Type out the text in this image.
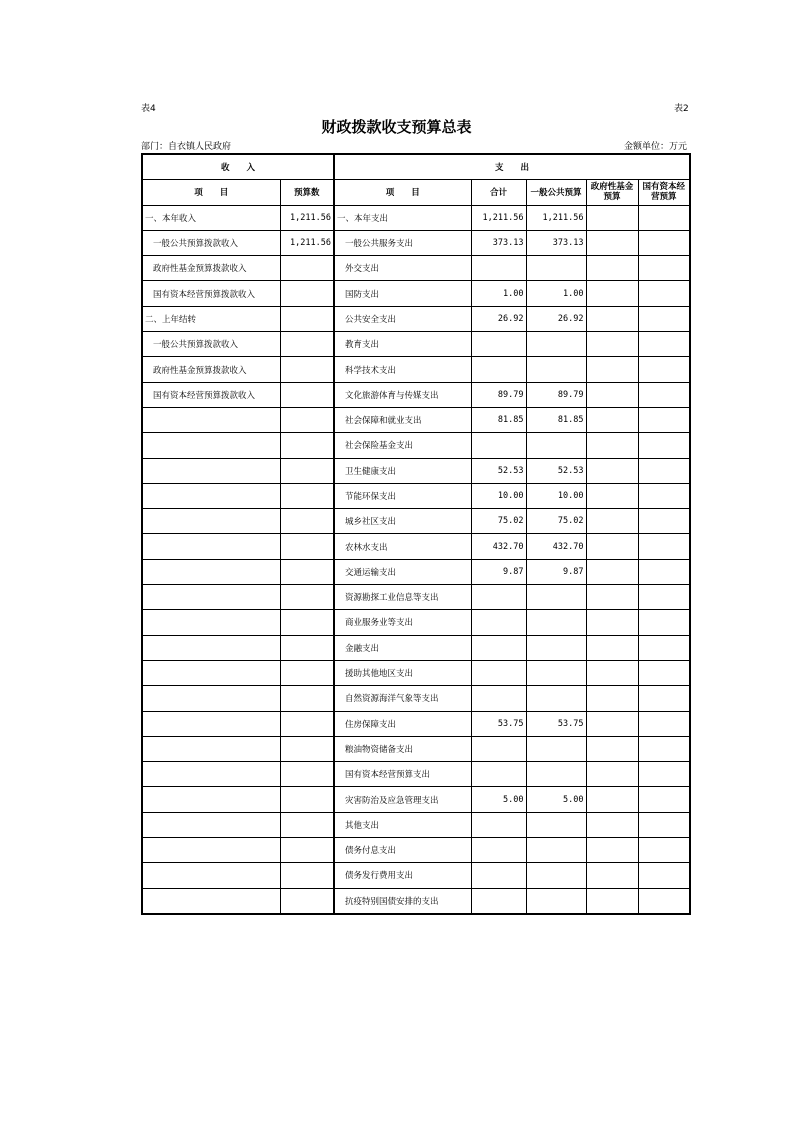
表4	表2
财政拨款收支预算总表
部门：自衣镇人民政府	金额单位：万元
收　　入		支　　出				
项　　目	预算数	项　　目	合计	一般公共预算	政府性基金预算	国有资本经营预算
一、本年收入	1,211.56	一、本年支出	1,211.56	1,211.56		
一般公共预算拨款收入	1,211.56	一般公共服务支出	373.13	373.13		
政府性基金预算拨款收入		外交支出				
国有资本经营预算拨款收入		国防支出	1.00	1.00		
二、上年结转		公共安全支出	26.92	26.92		
一般公共预算拨款收入		教育支出				
政府性基金预算拨款收入		科学技术支出				
国有资本经营预算拨款收入		文化旅游体育与传媒支出	89.79	89.79		
		社会保障和就业支出	81.85	81.85		
		社会保险基金支出				
		卫生健康支出	52.53	52.53		
		节能环保支出	10.00	10.00		
		城乡社区支出	75.02	75.02		
		农林水支出	432.70	432.70		
		交通运输支出	9.87	9.87		
		资源勘探工业信息等支出				
		商业服务业等支出				
		金融支出				
		援助其他地区支出				
		自然资源海洋气象等支出				
		住房保障支出	53.75	53.75		
		粮油物资储备支出				
		国有资本经营预算支出				
		灾害防治及应急管理支出	5.00	5.00		
		其他支出				
		债务付息支出				
		债务发行费用支出				
		抗疫特别国债安排的支出				
